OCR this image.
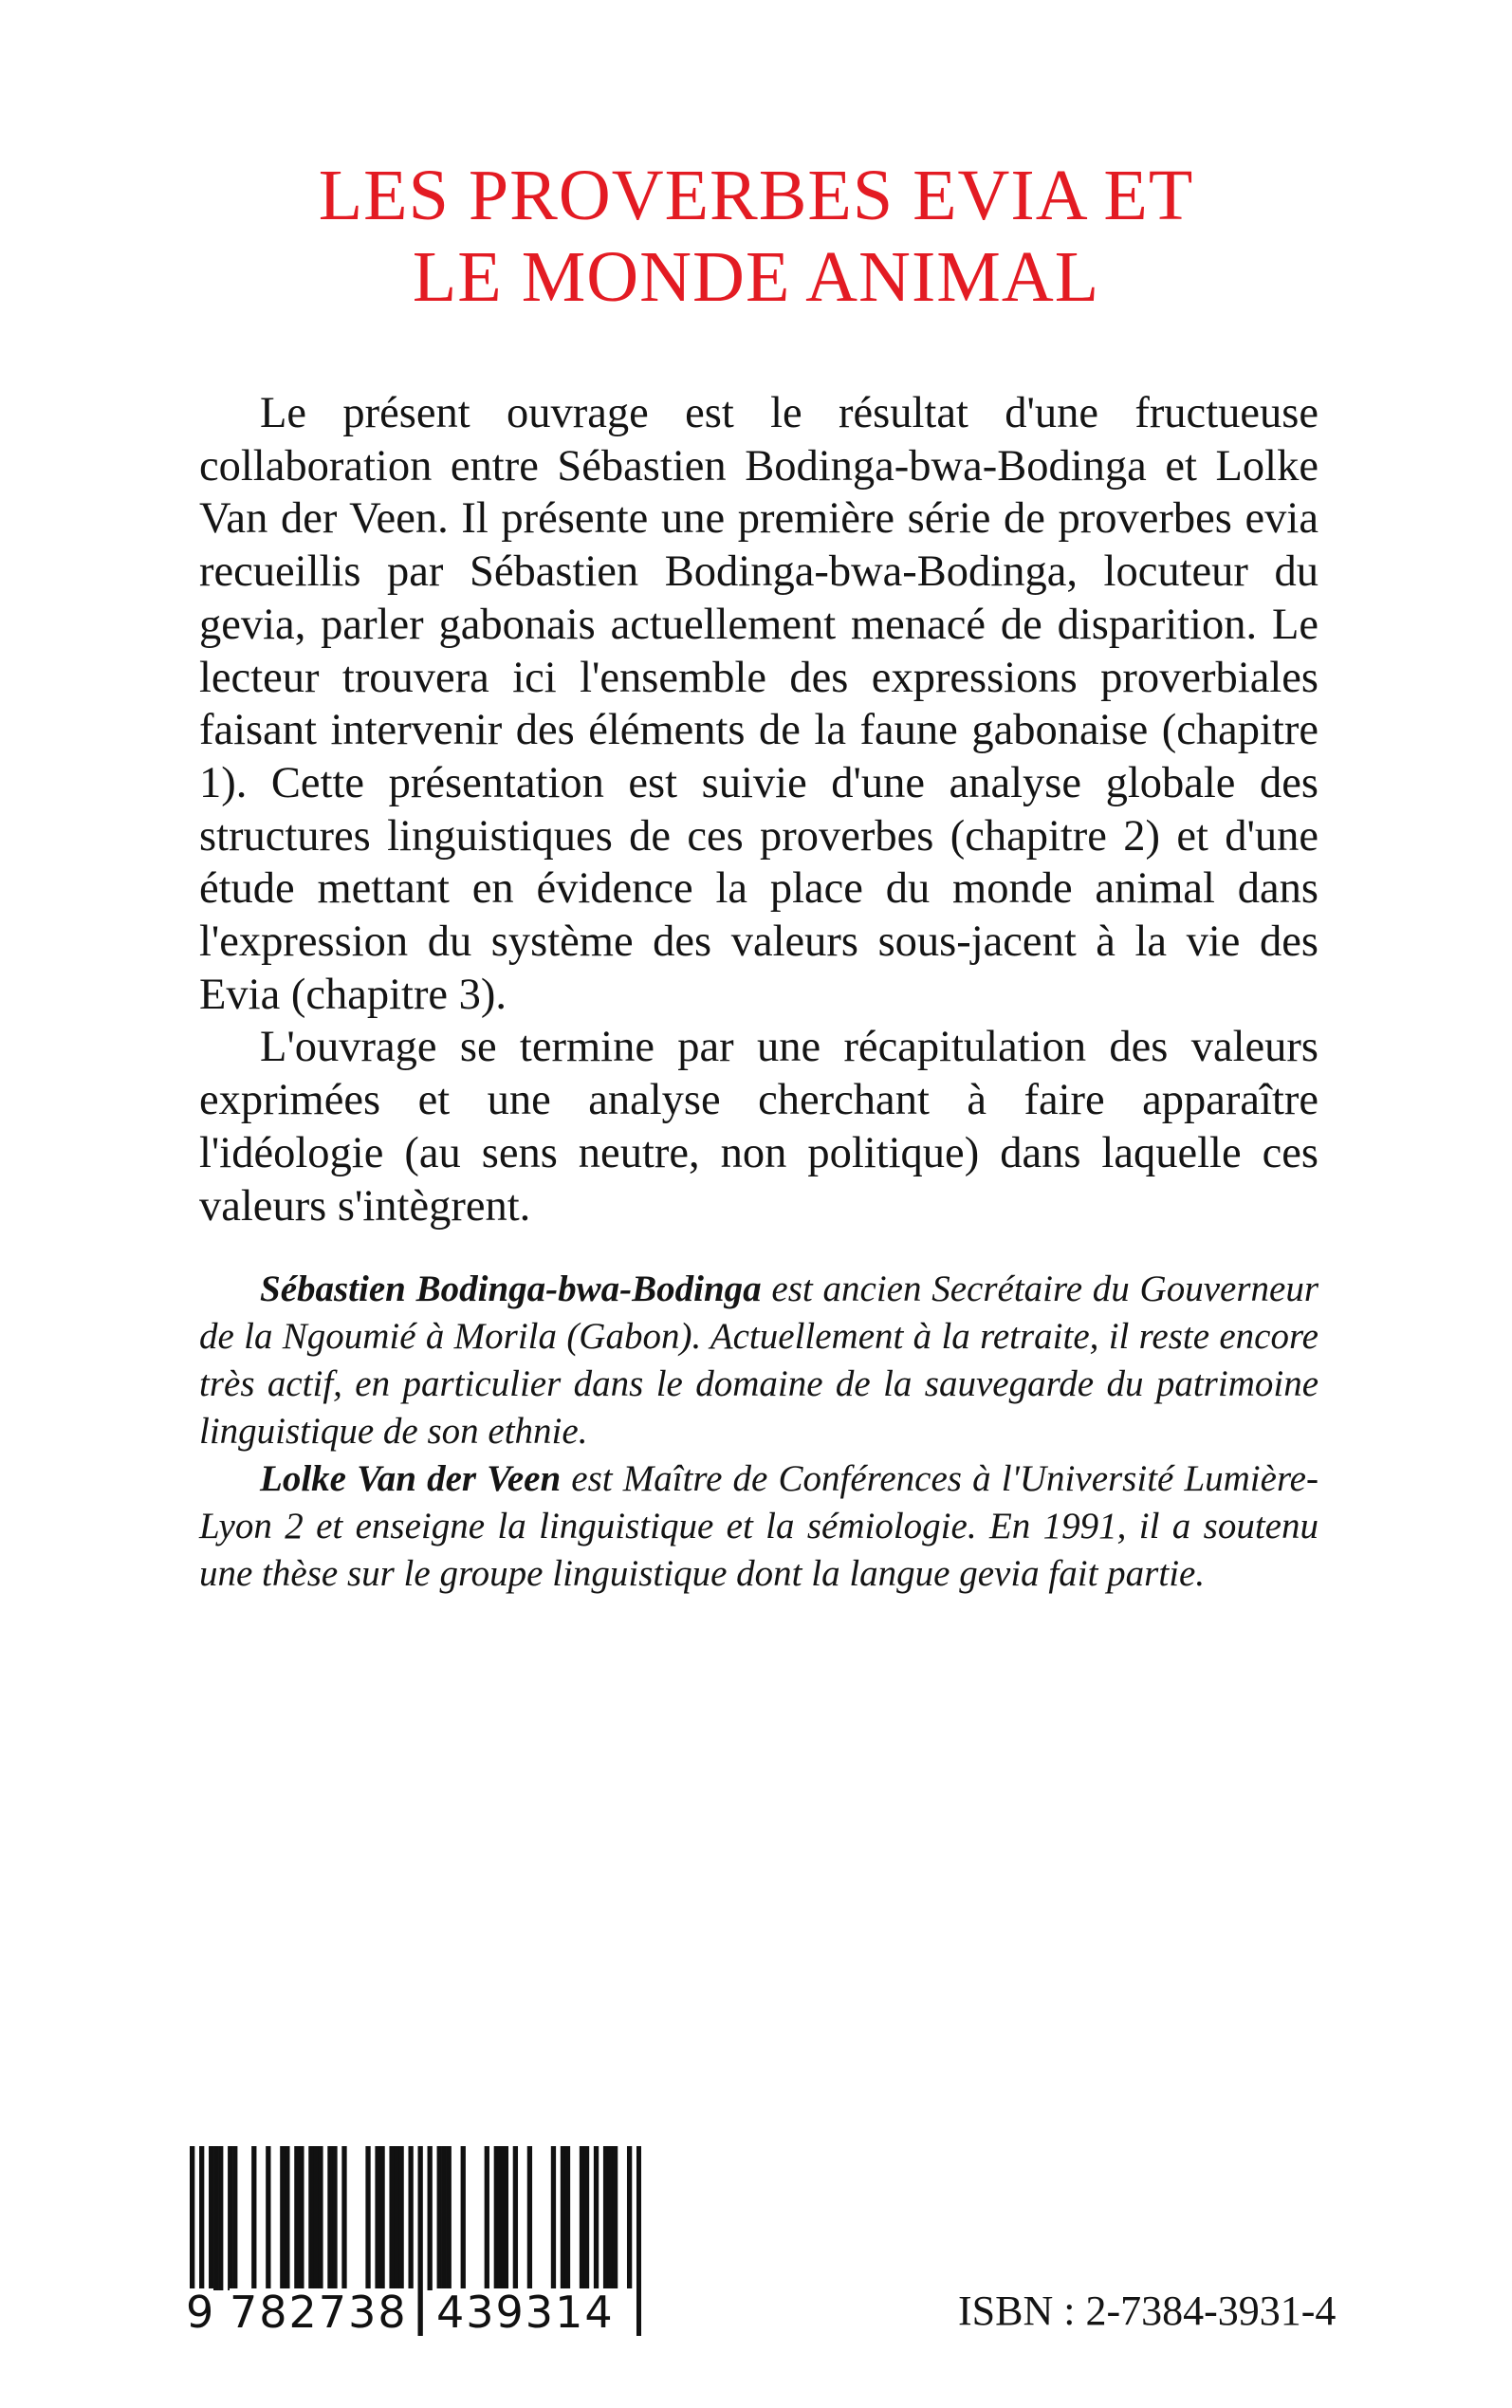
LES PROVERBES EVIA ET
LE MONDE ANIMAL

Le présent ouvrage est le résultat d'une fructueuse collaboration entre Sébastien Bodinga-bwa-Bodinga et Lolke Van der Veen. Il présente une première série de proverbes evia recueillis par Sébastien Bodinga-bwa-Bodinga, locuteur du gevia, parler gabonais actuellement menacé de disparition. Le lecteur trouvera ici l'ensemble des expressions proverbiales faisant intervenir des éléments de la faune gabonaise (chapitre 1). Cette présentation est suivie d'une analyse globale des structures linguistiques de ces proverbes (chapitre 2) et d'une étude mettant en évidence la place du monde animal dans l'expression du système des valeurs sous-jacent à la vie des Evia (chapitre 3).

L'ouvrage se termine par une récapitulation des valeurs exprimées et une analyse cherchant à faire apparaître l'idéologie (au sens neutre, non politique) dans laquelle ces valeurs s'intègrent.

Sébastien Bodinga-bwa-Bodinga est ancien Secrétaire du Gouverneur de la Ngoumié à Morila (Gabon). Actuellement à la retraite, il reste encore très actif, en particulier dans le domaine de la sauvegarde du patrimoine linguistique de son ethnie.

Lolke Van der Veen est Maître de Conférences à l'Université Lumière-Lyon 2 et enseigne la linguistique et la sémiologie. En 1991, il a soutenu une thèse sur le groupe linguistique dont la langue gevia fait partie.

9 782738 439314	ISBN : 2-7384-3931-4
